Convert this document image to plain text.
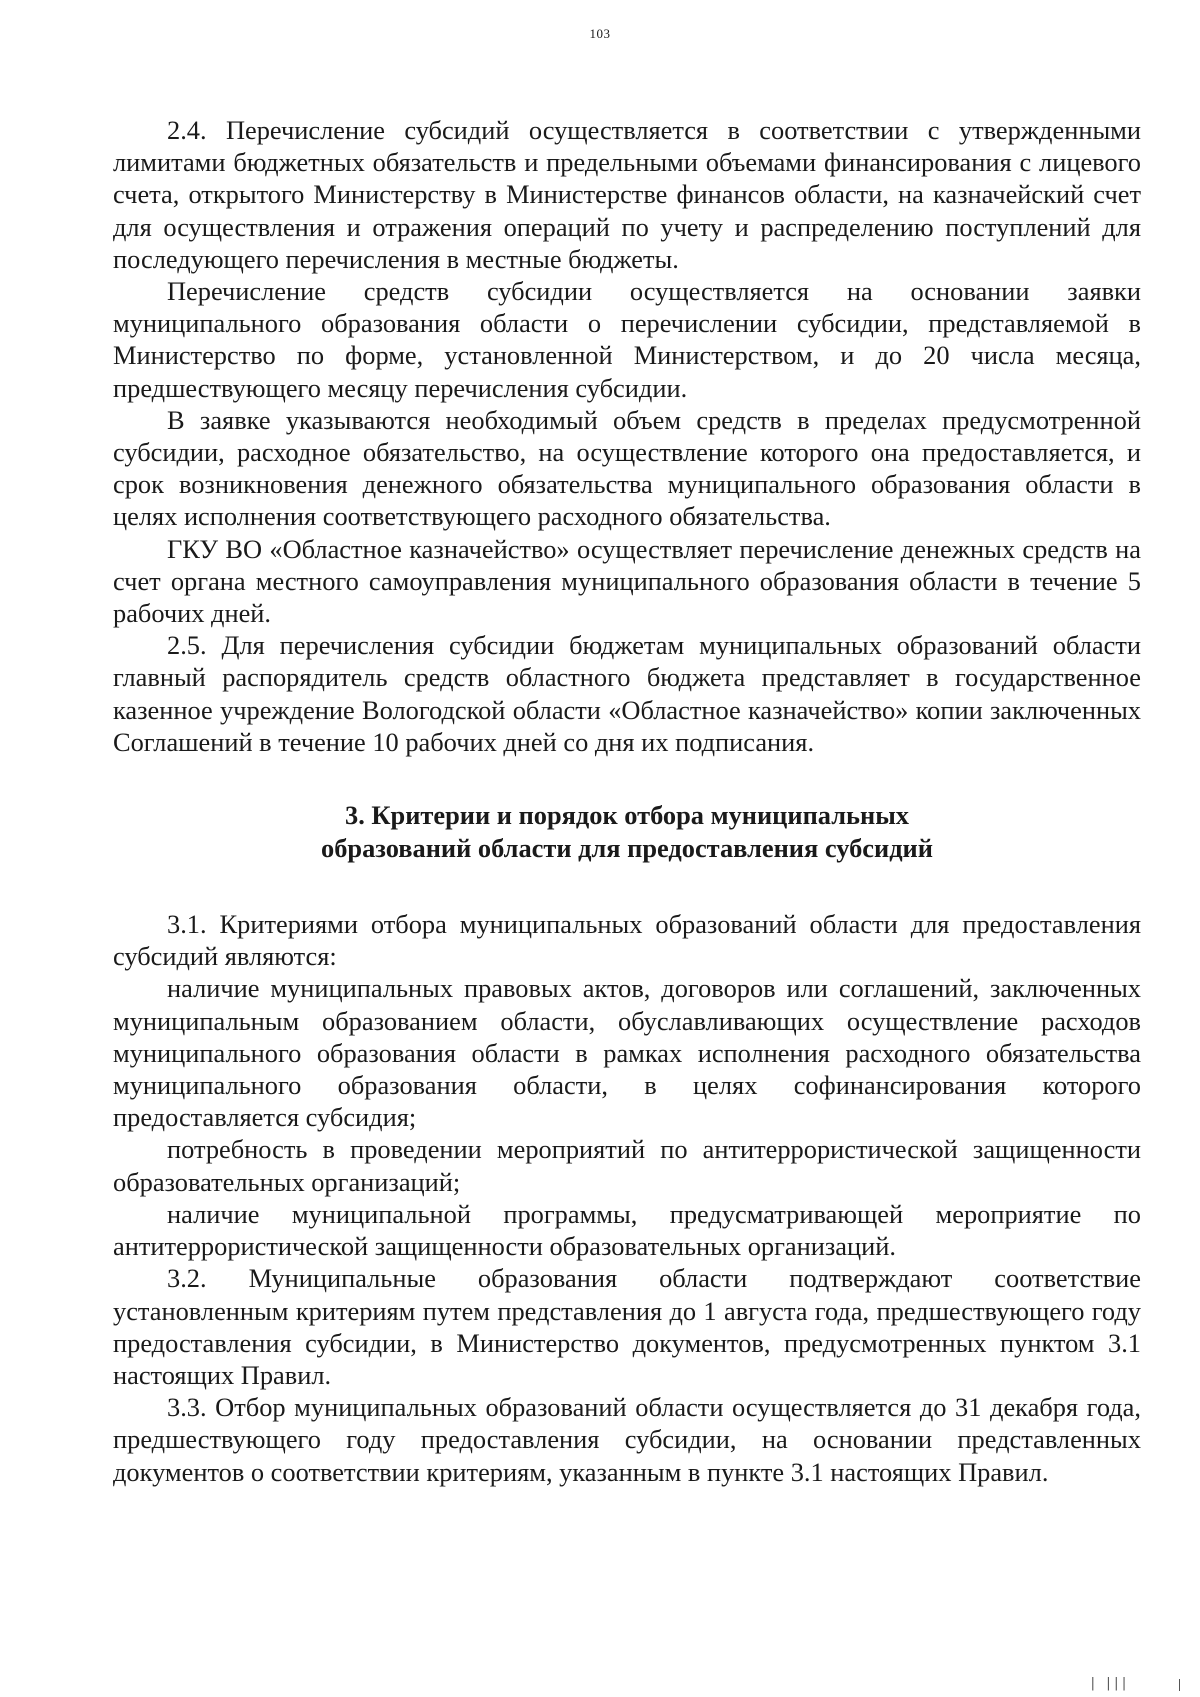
103

2.4. Перечисление субсидий осуществляется в соответствии с утвержденными лимитами бюджетных обязательств и предельными объемами финансирования с лицевого счета, открытого Министерству в Министерстве финансов области, на казначейский счет для осуществления и отражения операций по учету и распределению поступлений для последующего перечисления в местные бюджеты.

Перечисление средств субсидии осуществляется на основании заявки муниципального образования области о перечислении субсидии, представляемой в Министерство по форме, установленной Министерством, и до 20 числа месяца, предшествующего месяцу перечисления субсидии.

В заявке указываются необходимый объем средств в пределах предусмотренной субсидии, расходное обязательство, на осуществление которого она предоставляется, и срок возникновения денежного обязательства муниципального образования области в целях исполнения соответствующего расходного обязательства.

ГКУ ВО «Областное казначейство» осуществляет перечисление денежных средств на счет органа местного самоуправления муниципального образования области в течение 5 рабочих дней.

2.5. Для перечисления субсидии бюджетам муниципальных образований области главный распорядитель средств областного бюджета представляет в государственное казенное учреждение Вологодской области «Областное казначейство» копии заключенных Соглашений в течение 10 рабочих дней со дня их подписания.

3. Критерии и порядок отбора муниципальных
образований области для предоставления субсидий

3.1. Критериями отбора муниципальных образований области для предоставления субсидий являются:

наличие муниципальных правовых актов, договоров или соглашений, заключенных муниципальным образованием области, обуславливающих осуществление расходов муниципального образования области в рамках исполнения расходного обязательства муниципального образования области, в целях софинансирования которого предоставляется субсидия;

потребность в проведении мероприятий по антитеррористической защищенности образовательных организаций;

наличие муниципальной программы, предусматривающей мероприятие по антитеррористической защищенности образовательных организаций.

3.2. Муниципальные образования области подтверждают соответствие установленным критериям путем представления до 1 августа года, предшествующего году предоставления субсидии, в Министерство документов, предусмотренных пунктом 3.1 настоящих Правил.

3.3. Отбор муниципальных образований области осуществляется до 31 декабря года, предшествующего году предоставления субсидии, на основании представленных документов о соответствии критериям, указанным в пункте 3.1 настоящих Правил.

| |||
